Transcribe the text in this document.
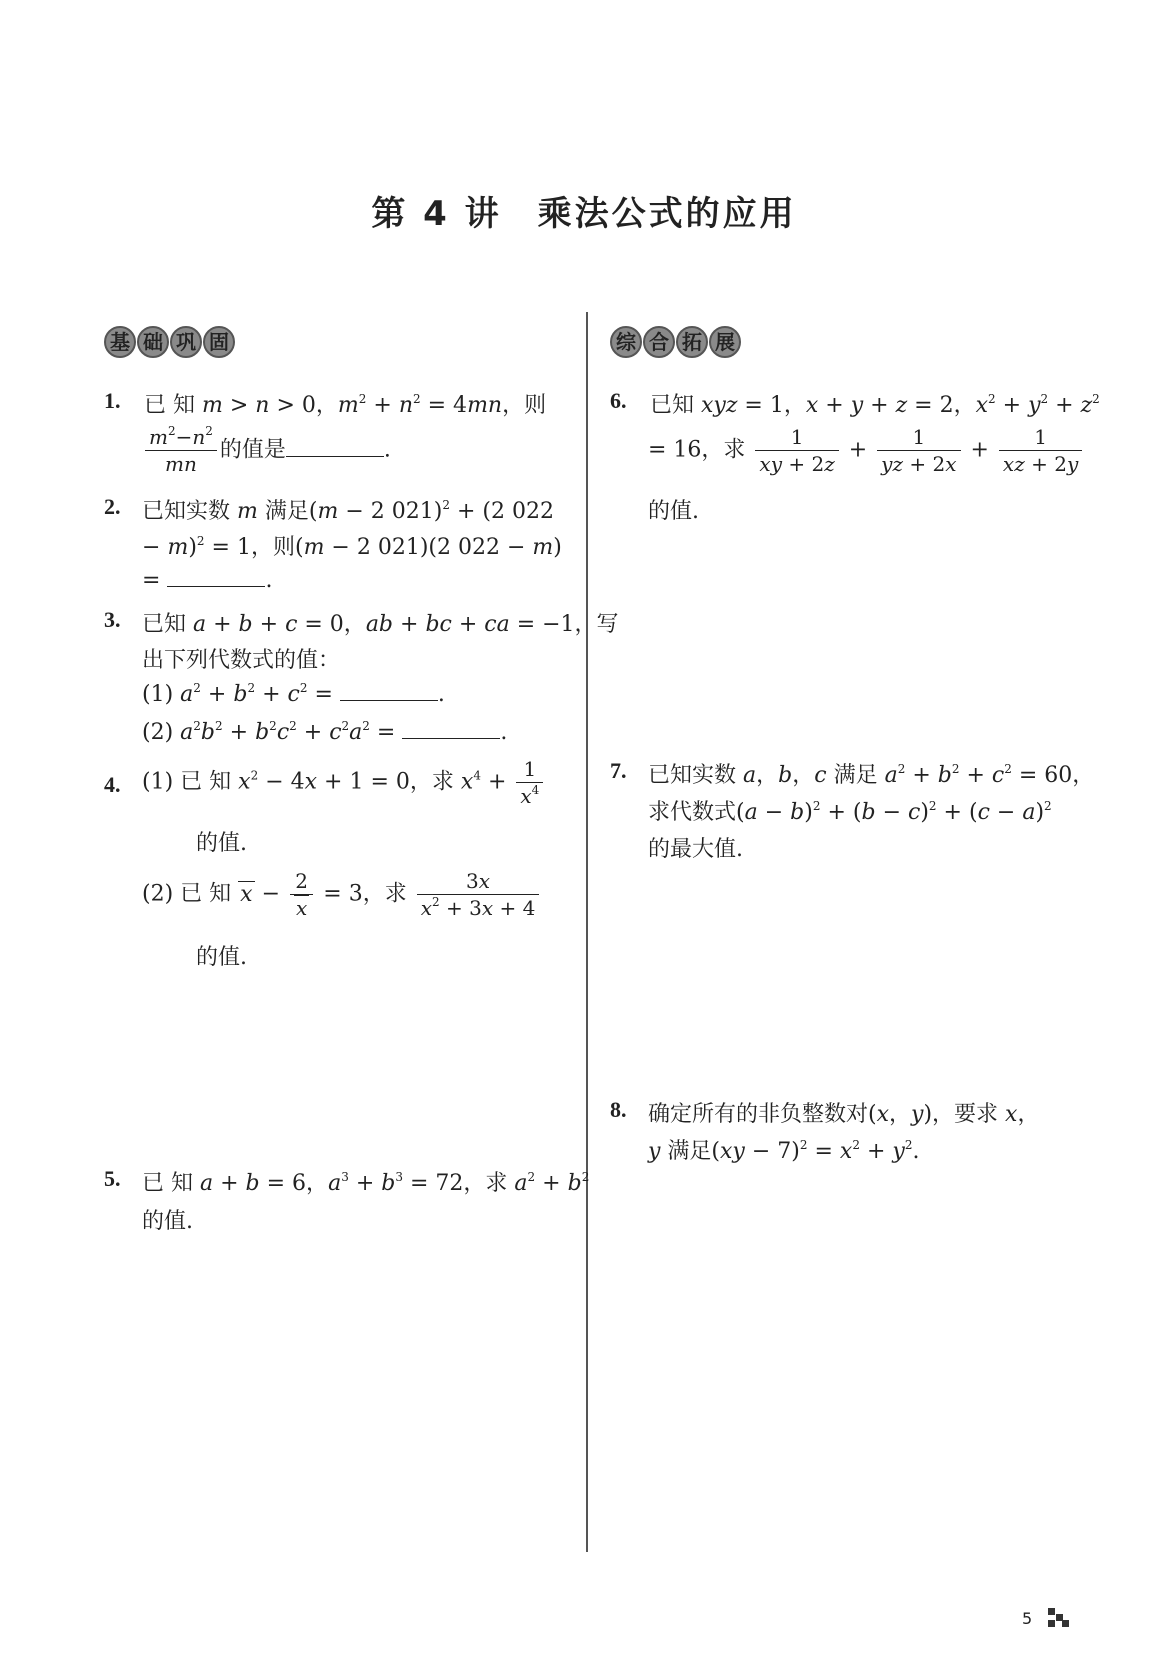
第 4 讲 乘法公式的应用
基 础 巩 固	综 合 拓 展
1. 已 知 m > n > 0，$m^2 + n^2 = 4mn$，则
$\frac{m^2-n^2}{mn}$ 的值是	.
2. 已知实数 m 满足(m − 2 021)$^2$ + (2 022
− m)$^2$ = 1，则(m − 2 021)(2 022 − m)
=	.
3. 已知 a + b + c = 0，ab + bc + ca = −1，写
出下列代数式的值：
(1) $a^2 + b^2 + c^2$ =	.
(2) $a^2b^2 + b^2c^2 + c^2a^2$ =	.
4. (1) 已 知 $x^2 - 4x + 1 = 0$，求 $x^4 + \frac{1}{x^4}$
的值.
(2) 已 知 $x - \frac{2}{x} = 3$，求 $\frac{3x}{x^2 + 3x + 4}$
的值.
5. 已 知 a + b = 6，$a^3 + b^3 = 72$，求 $a^2 + b^2$
的值.
6. 已知 xyz = 1，x + y + z = 2，$x^2 + y^2 + z^2$
= 16，求 $\frac{1}{xy + 2z} + \frac{1}{yz + 2x} + \frac{1}{xz + 2y}$
的值.
7. 已知实数 a，b，c 满足 $a^2 + b^2 + c^2 = 60$，
求代数式$(a - b)^2 + (b - c)^2 + (c - a)^2$
的最大值.
8. 确定所有的非负整数对(x，y)，要求 x，
y 满足$(xy - 7)^2 = x^2 + y^2$.
5
